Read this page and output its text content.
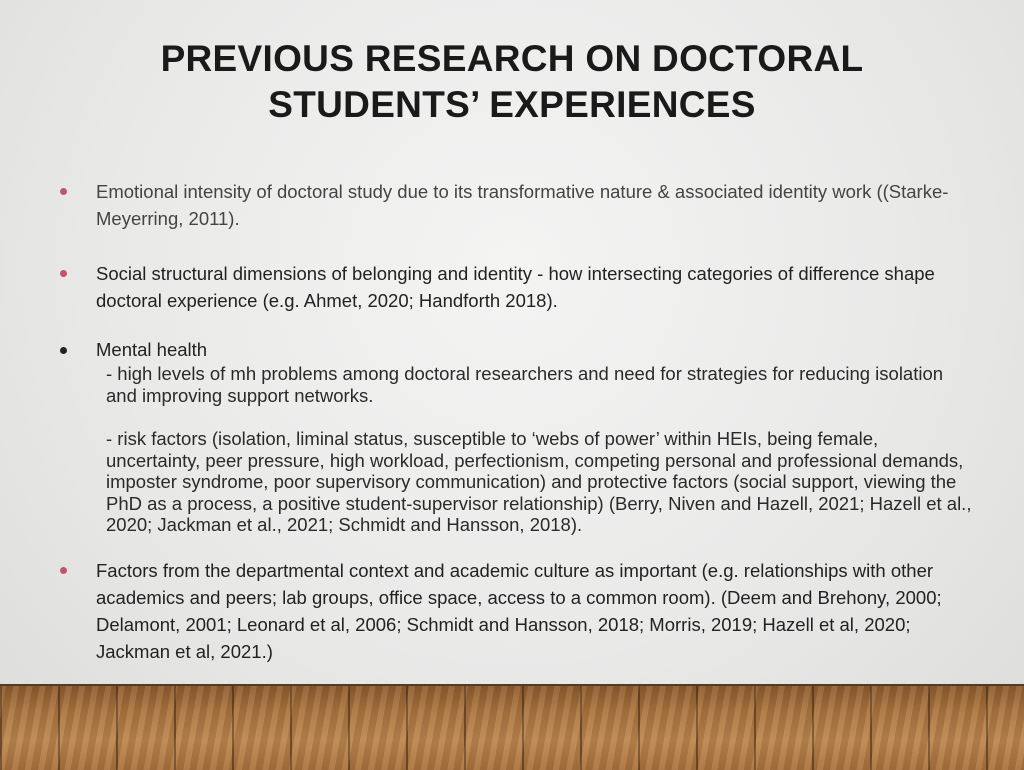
PREVIOUS RESEARCH ON DOCTORAL
STUDENTS’ EXPERIENCES

Emotional intensity of doctoral study due to its transformative nature & associated identity work ((Starke-Meyerring, 2011).

Social structural dimensions of belonging and identity - how intersecting categories of difference shape doctoral experience (e.g. Ahmet, 2020; Handforth 2018).

Mental health

- high levels of mh problems among doctoral researchers and need for strategies for reducing isolation and improving support networks.

- risk factors (isolation, liminal status, susceptible to ‘webs of power’ within HEIs, being female, uncertainty, peer pressure, high workload, perfectionism, competing personal and professional demands, imposter syndrome, poor supervisory communication) and protective factors (social support, viewing the PhD as a process, a positive student-supervisor relationship) (Berry, Niven and Hazell, 2021; Hazell et al., 2020; Jackman et al., 2021; Schmidt and Hansson, 2018).

Factors from the departmental context and academic culture as important (e.g. relationships with other academics and peers; lab groups, office space, access to a common room). (Deem and Brehony, 2000; Delamont, 2001; Leonard et al, 2006; Schmidt and Hansson, 2018; Morris, 2019; Hazell et al, 2020; Jackman et al, 2021.)
